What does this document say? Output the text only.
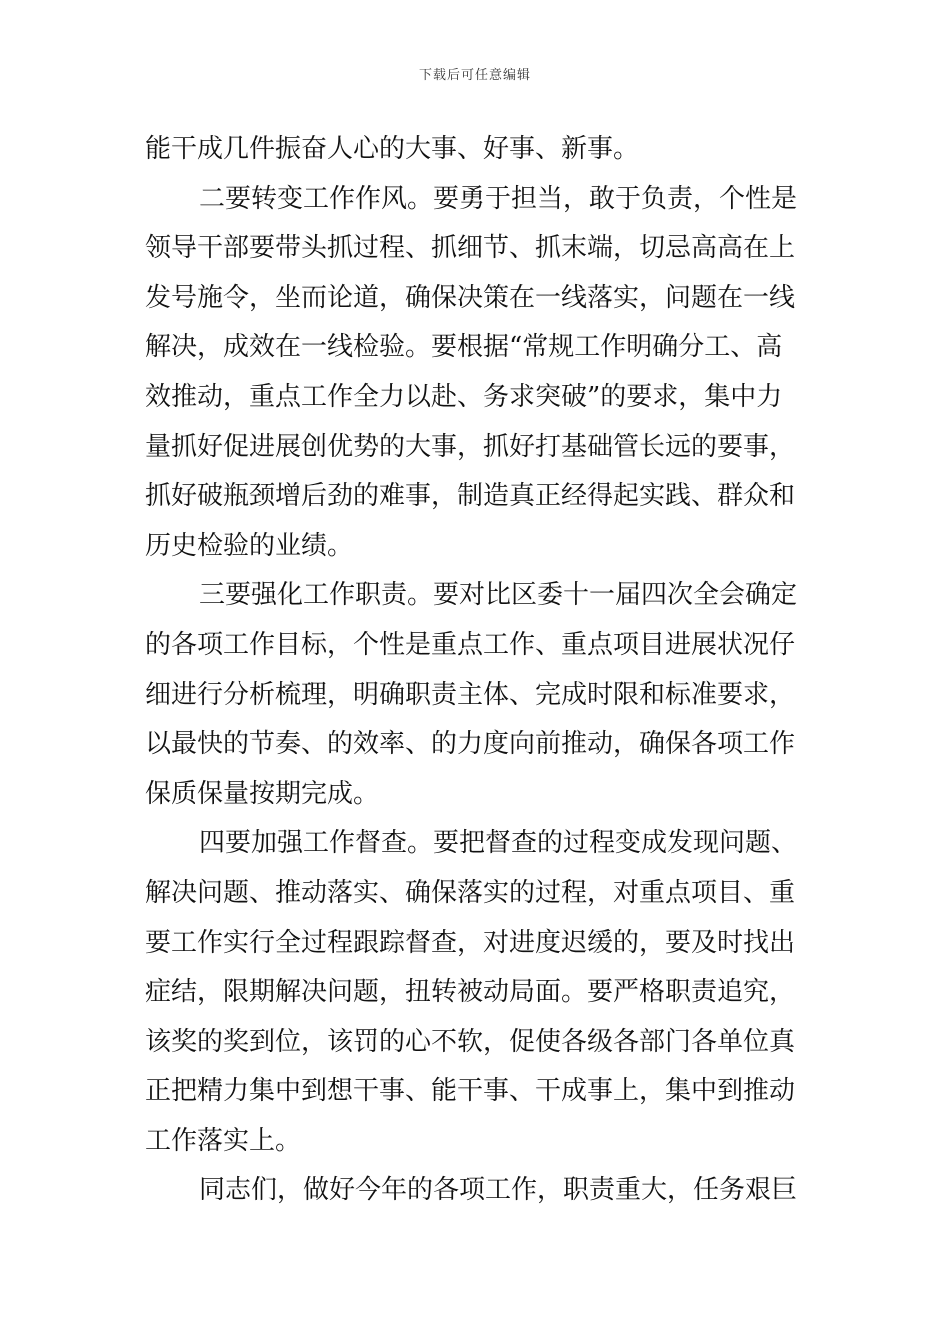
下载后可任意编辑
能干成几件振奋人心的大事、好事、新事。
二要转变工作作风。要勇于担当，敢于负责，个性是
领导干部要带头抓过程、抓细节、抓末端，切忌高高在上
发号施令，坐而论道，确保决策在一线落实，问题在一线
解决，成效在一线检验。要根据“常规工作明确分工、高
效推动，重点工作全力以赴、务求突破”的要求，集中力
量抓好促进展创优势的大事，抓好打基础管长远的要事，
抓好破瓶颈增后劲的难事，制造真正经得起实践、群众和
历史检验的业绩。
三要强化工作职责。要对比区委十一届四次全会确定
的各项工作目标，个性是重点工作、重点项目进展状况仔
细进行分析梳理，明确职责主体、完成时限和标准要求，
以最快的节奏、的效率、的力度向前推动，确保各项工作
保质保量按期完成。
四要加强工作督查。要把督查的过程变成发现问题、
解决问题、推动落实、确保落实的过程，对重点项目、重
要工作实行全过程跟踪督查，对进度迟缓的，要及时找出
症结，限期解决问题，扭转被动局面。要严格职责追究，
该奖的奖到位，该罚的心不软，促使各级各部门各单位真
正把精力集中到想干事、能干事、干成事上，集中到推动
工作落实上。
同志们，做好今年的各项工作，职责重大，任务艰巨
